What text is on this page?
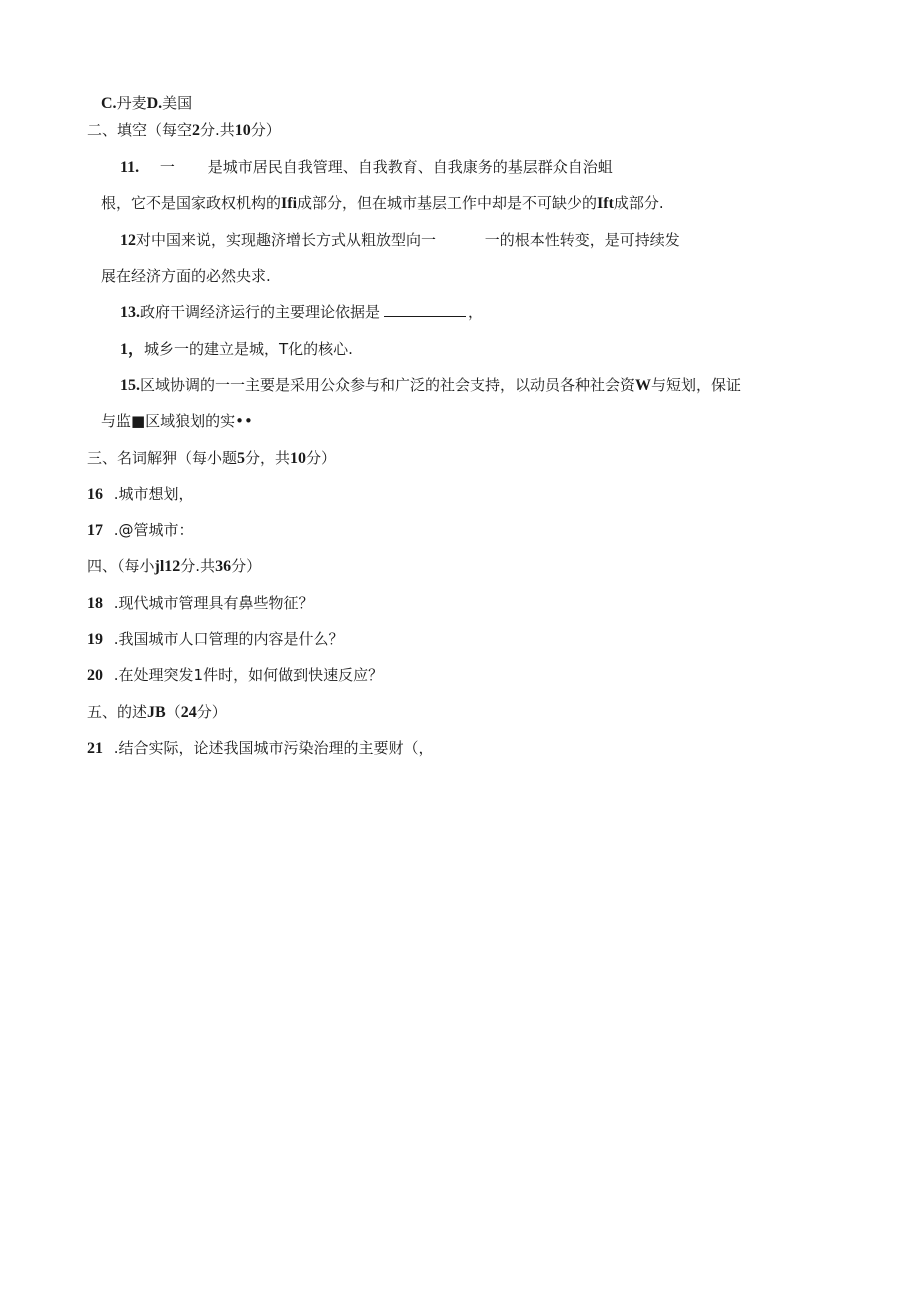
C.丹麦D.美国
二、填空（每空2分.共10分）
11. 一 是城市居民自我管理、自我教育、自我康务的基层群众自治蛆
根，它不是国家政权机构的Ifi成部分，但在城市基层工作中却是不可缺少的Ift成部分.
12对中国来说，实现趣济增长方式从粗放型向一	一的根本性转变，是可持续发
展在经济方面的必然央求.
13.政府干调经济运行的主要理论依据是	，
1，城乡一的建立是城，T化的核心.
15.区域协调的一一主要是采用公众参与和广泛的社会支持，以动员各种社会资W与短划，保证
与监■区域狼划的实••
三、名词解狎（每小题5分，共10分）
16 .城市想划，
17 .@管城市：
四、（每小jl12分.共36分）
18 .现代城市管理具有鼻些物征？
19 .我国城市人口管理的内容是什么？
20 .在处理突发1件时，如何做到快速反应？
五、的述JB（24分）
21 .结合实际，论述我国城市污染治理的主要财（，
